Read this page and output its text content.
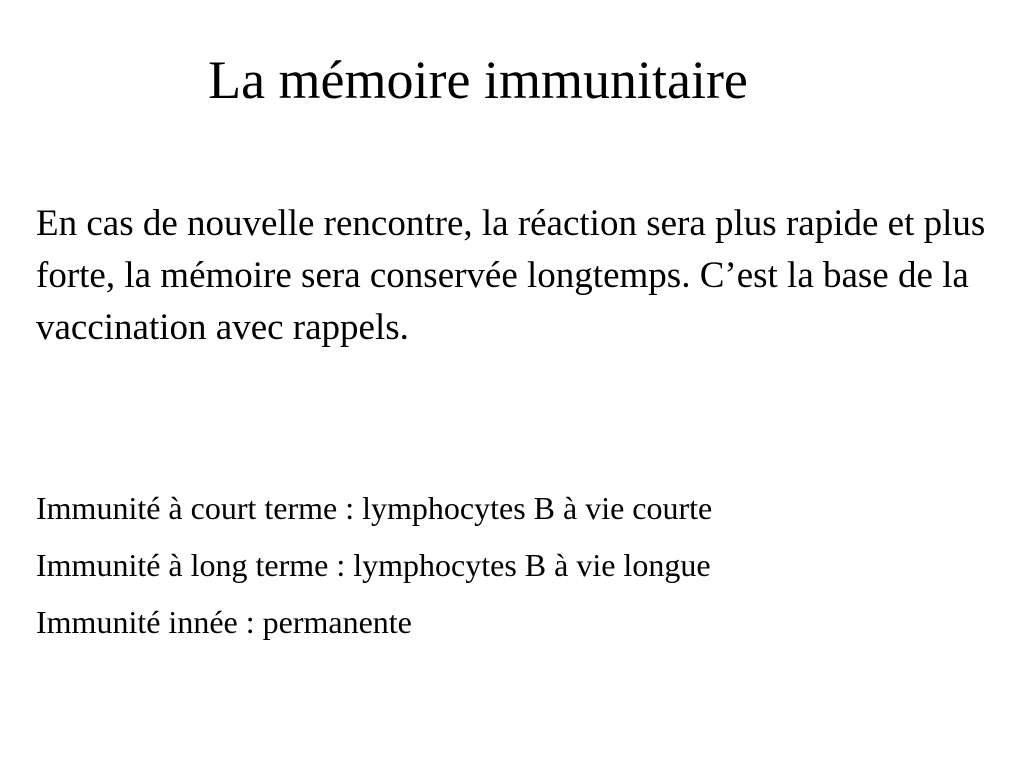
La mémoire immunitaire

En cas de nouvelle rencontre, la réaction sera plus rapide et plus forte, la mémoire sera conservée longtemps. C’est la base de la vaccination avec rappels.

Immunité à court terme : lymphocytes B à vie courte
Immunité à long terme : lymphocytes B à vie longue
Immunité innée : permanente
